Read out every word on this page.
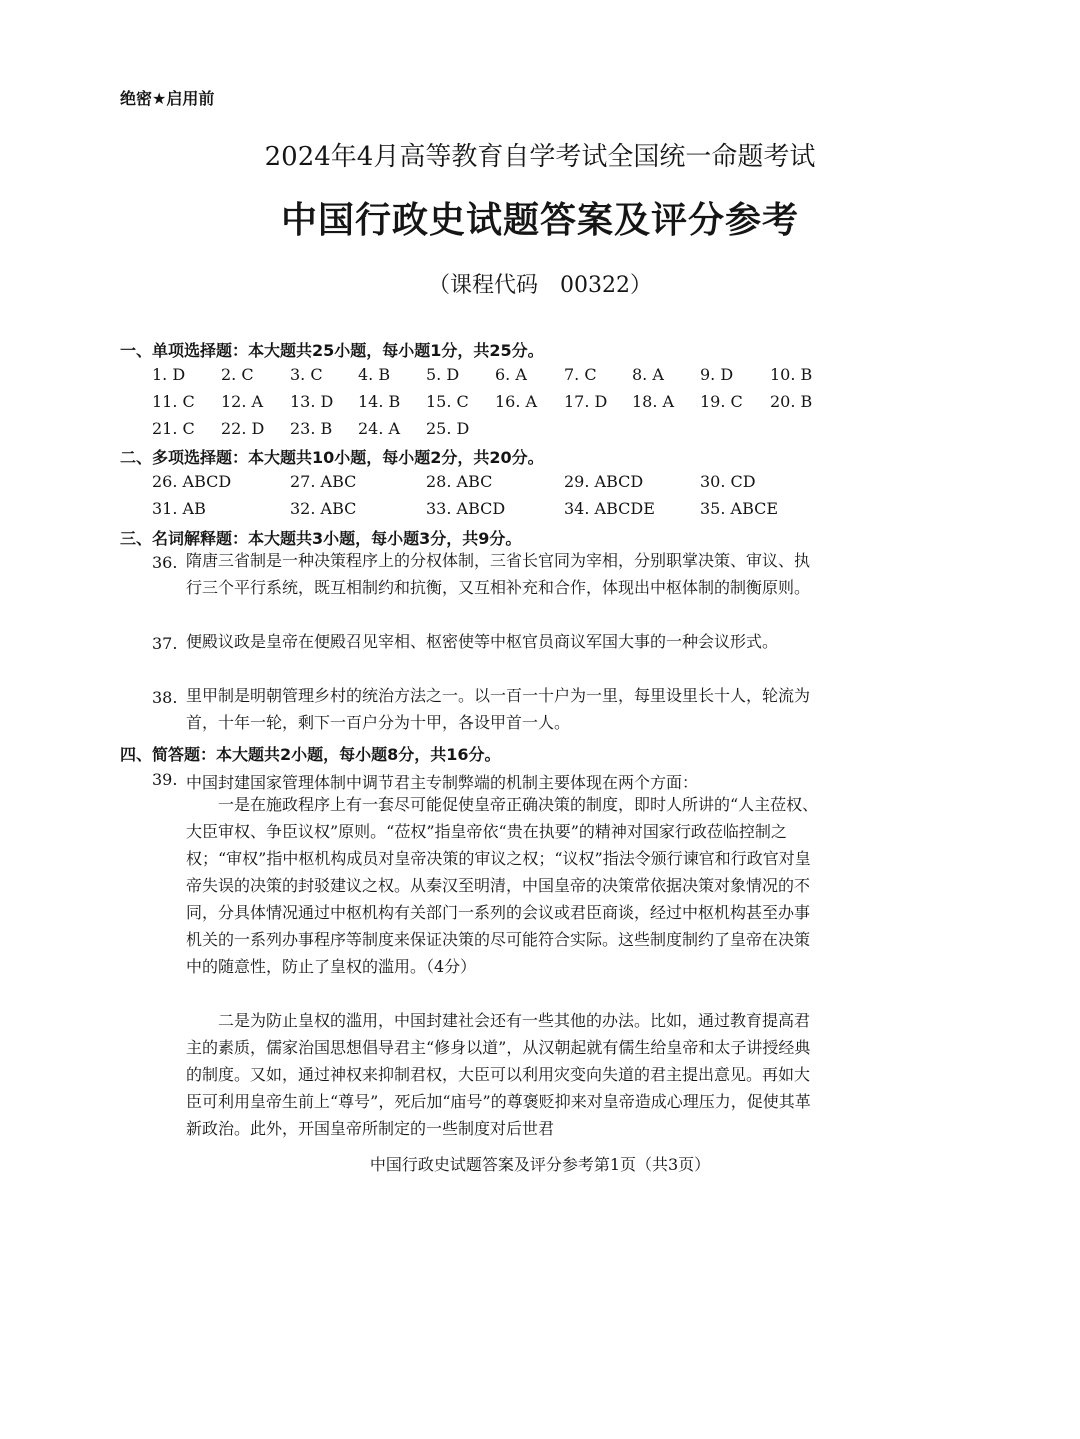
绝密★启用前
2024年4月高等教育自学考试全国统一命题考试
中国行政史试题答案及评分参考
（课程代码　00322）
一、单项选择题：本大题共25小题，每小题1分，共25分。
1. D 2. C 3. C 4. B 5. D 6. A 7. C 8. A 9. D 10. B
11. C 12. A 13. D 14. B 15. C 16. A 17. D 18. A 19. C 20. B
21. C 22. D 23. B 24. A 25. D
二、多项选择题：本大题共10小题，每小题2分，共20分。
26. ABCD	27. ABC	28. ABC	29. ABCD	30. CD
31. AB	32. ABC	33. ABCD	34. ABCDE	35. ABCE
三、名词解释题：本大题共3小题，每小题3分，共9分。
36. 隋唐三省制是一种决策程序上的分权体制，三省长官同为宰相，分别职掌决策、审议、执行三个平行系统，既互相制约和抗衡，又互相补充和合作，体现出中枢体制的制衡原则。
37. 便殿议政是皇帝在便殿召见宰相、枢密使等中枢官员商议军国大事的一种会议形式。
38. 里甲制是明朝管理乡村的统治方法之一。以一百一十户为一里，每里设里长十人，轮流为首，十年一轮，剩下一百户分为十甲，各设甲首一人。
四、简答题：本大题共2小题，每小题8分，共16分。
39. 中国封建国家管理体制中调节君主专制弊端的机制主要体现在两个方面：
一是在施政程序上有一套尽可能促使皇帝正确决策的制度，即时人所讲的“人主莅权、大臣审权、争臣议权”原则。“莅权”指皇帝依“贵在执要”的精神对国家行政莅临控制之权；“审权”指中枢机构成员对皇帝决策的审议之权；“议权”指法令颁行谏官和行政官对皇帝失误的决策的封驳建议之权。从秦汉至明清，中国皇帝的决策常依据决策对象情况的不同，分具体情况通过中枢机构有关部门一系列的会议或君臣商谈，经过中枢机构甚至办事机关的一系列办事程序等制度来保证决策的尽可能符合实际。这些制度制约了皇帝在决策中的随意性，防止了皇权的滥用。（4分）
二是为防止皇权的滥用，中国封建社会还有一些其他的办法。比如，通过教育提高君主的素质，儒家治国思想倡导君主“修身以道”，从汉朝起就有儒生给皇帝和太子讲授经典的制度。又如，通过神权来抑制君权，大臣可以利用灾变向失道的君主提出意见。再如大臣可利用皇帝生前上“尊号”，死后加“庙号”的尊褒贬抑来对皇帝造成心理压力，促使其革新政治。此外，开国皇帝所制定的一些制度对后世君
中国行政史试题答案及评分参考第1页（共3页）
